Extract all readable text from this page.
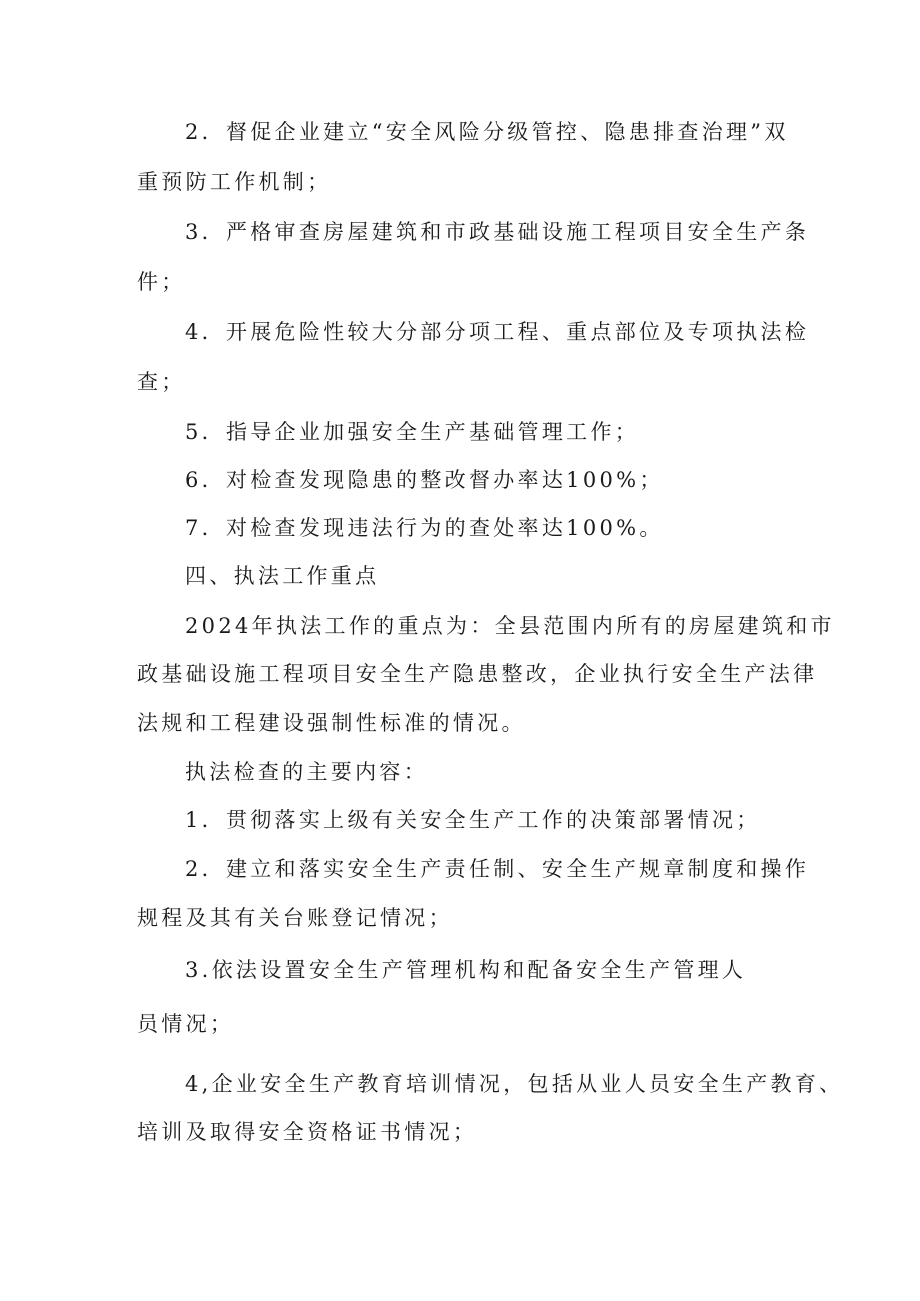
2．督促企业建立“安全风险分级管控、隐患排查治理”双
重预防工作机制；
3．严格审查房屋建筑和市政基础设施工程项目安全生产条
件；
4．开展危险性较大分部分项工程、重点部位及专项执法检
查；
5．指导企业加强安全生产基础管理工作；
6．对检查发现隐患的整改督办率达100%；
7．对检查发现违法行为的查处率达100%。
四、执法工作重点
2024年执法工作的重点为：全县范围内所有的房屋建筑和市
政基础设施工程项目安全生产隐患整改，企业执行安全生产法律
法规和工程建设强制性标准的情况。
执法检查的主要内容：
1．贯彻落实上级有关安全生产工作的决策部署情况；
2．建立和落实安全生产责任制、安全生产规章制度和操作
规程及其有关台账登记情况；
3.依法设置安全生产管理机构和配备安全生产管理人
员情况；
4,企业安全生产教育培训情况，包括从业人员安全生产教育、
培训及取得安全资格证书情况；
